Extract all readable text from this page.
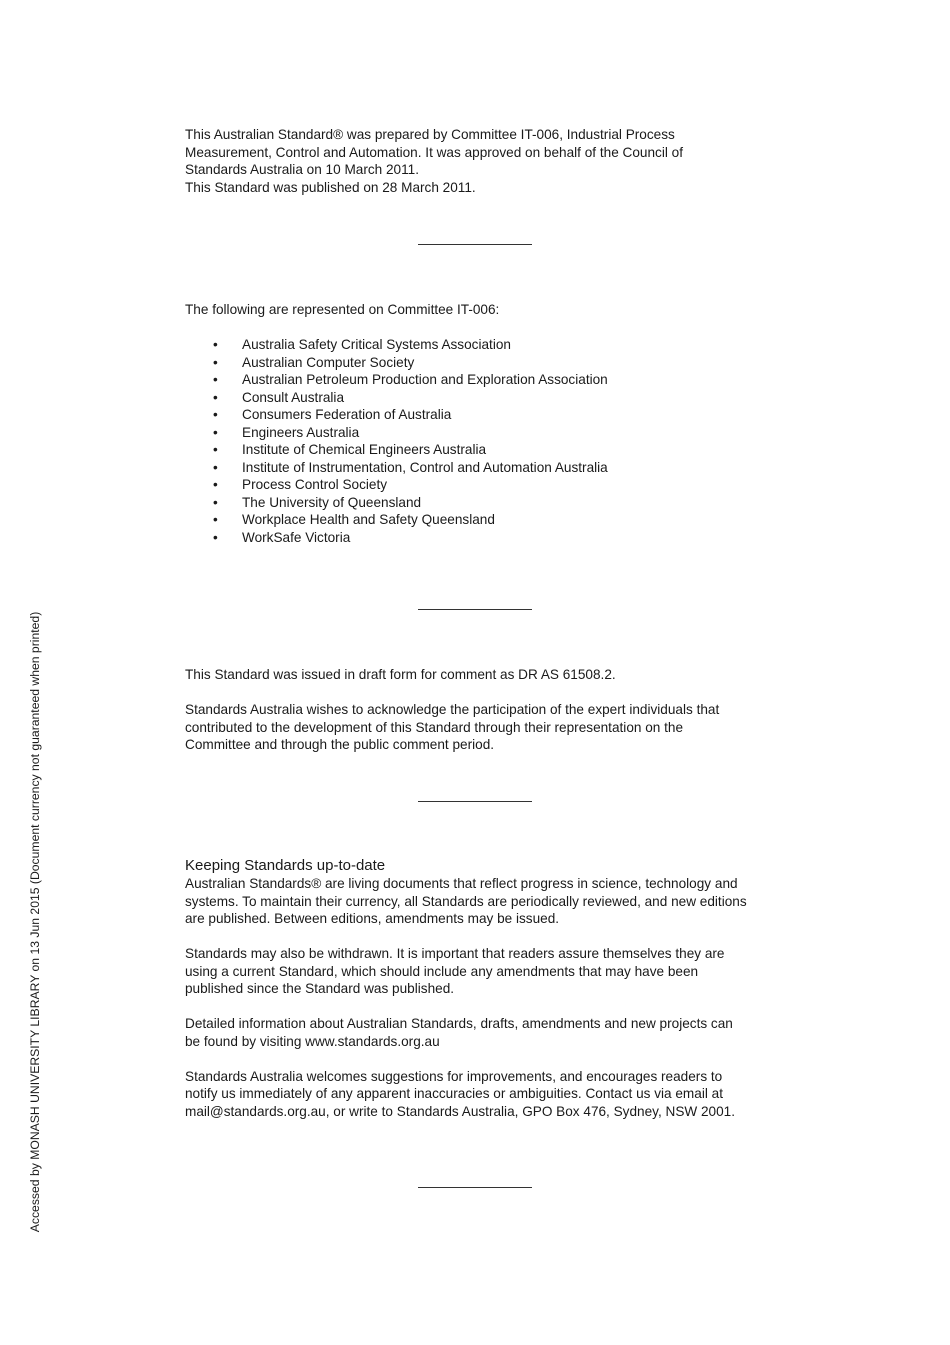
This Australian Standard® was prepared by Committee IT-006, Industrial Process

Measurement, Control and Automation. It was approved on behalf of the Council of

Standards Australia on 10 March 2011.

This Standard was published on 28 March 2011.

The following are represented on Committee IT-006:

• Australia Safety Critical Systems Association
• Australian Computer Society
• Australian Petroleum Production and Exploration Association
• Consult Australia
• Consumers Federation of Australia
• Engineers Australia
• Institute of Chemical Engineers Australia
• Institute of Instrumentation, Control and Automation Australia
• Process Control Society
• The University of Queensland
• Workplace Health and Safety Queensland
• WorkSafe Victoria

This Standard was issued in draft form for comment as DR AS 61508.2.

Standards Australia wishes to acknowledge the participation of the expert individuals that

contributed to the development of this Standard through their representation on the

Committee and through the public comment period.

Keeping Standards up-to-date

Australian Standards® are living documents that reflect progress in science, technology and

systems. To maintain their currency, all Standards are periodically reviewed, and new editions

are published. Between editions, amendments may be issued.

Standards may also be withdrawn. It is important that readers assure themselves they are

using a current Standard, which should include any amendments that may have been

published since the Standard was published.

Detailed information about Australian Standards, drafts, amendments and new projects can

be found by visiting www.standards.org.au

Standards Australia welcomes suggestions for improvements, and encourages readers to

notify us immediately of any apparent inaccuracies or ambiguities. Contact us via email at

mail@standards.org.au, or write to Standards Australia, GPO Box 476, Sydney, NSW 2001.

Accessed by MONASH UNIVERSITY LIBRARY on 13 Jun 2015 (Document currency not guaranteed when printed)
